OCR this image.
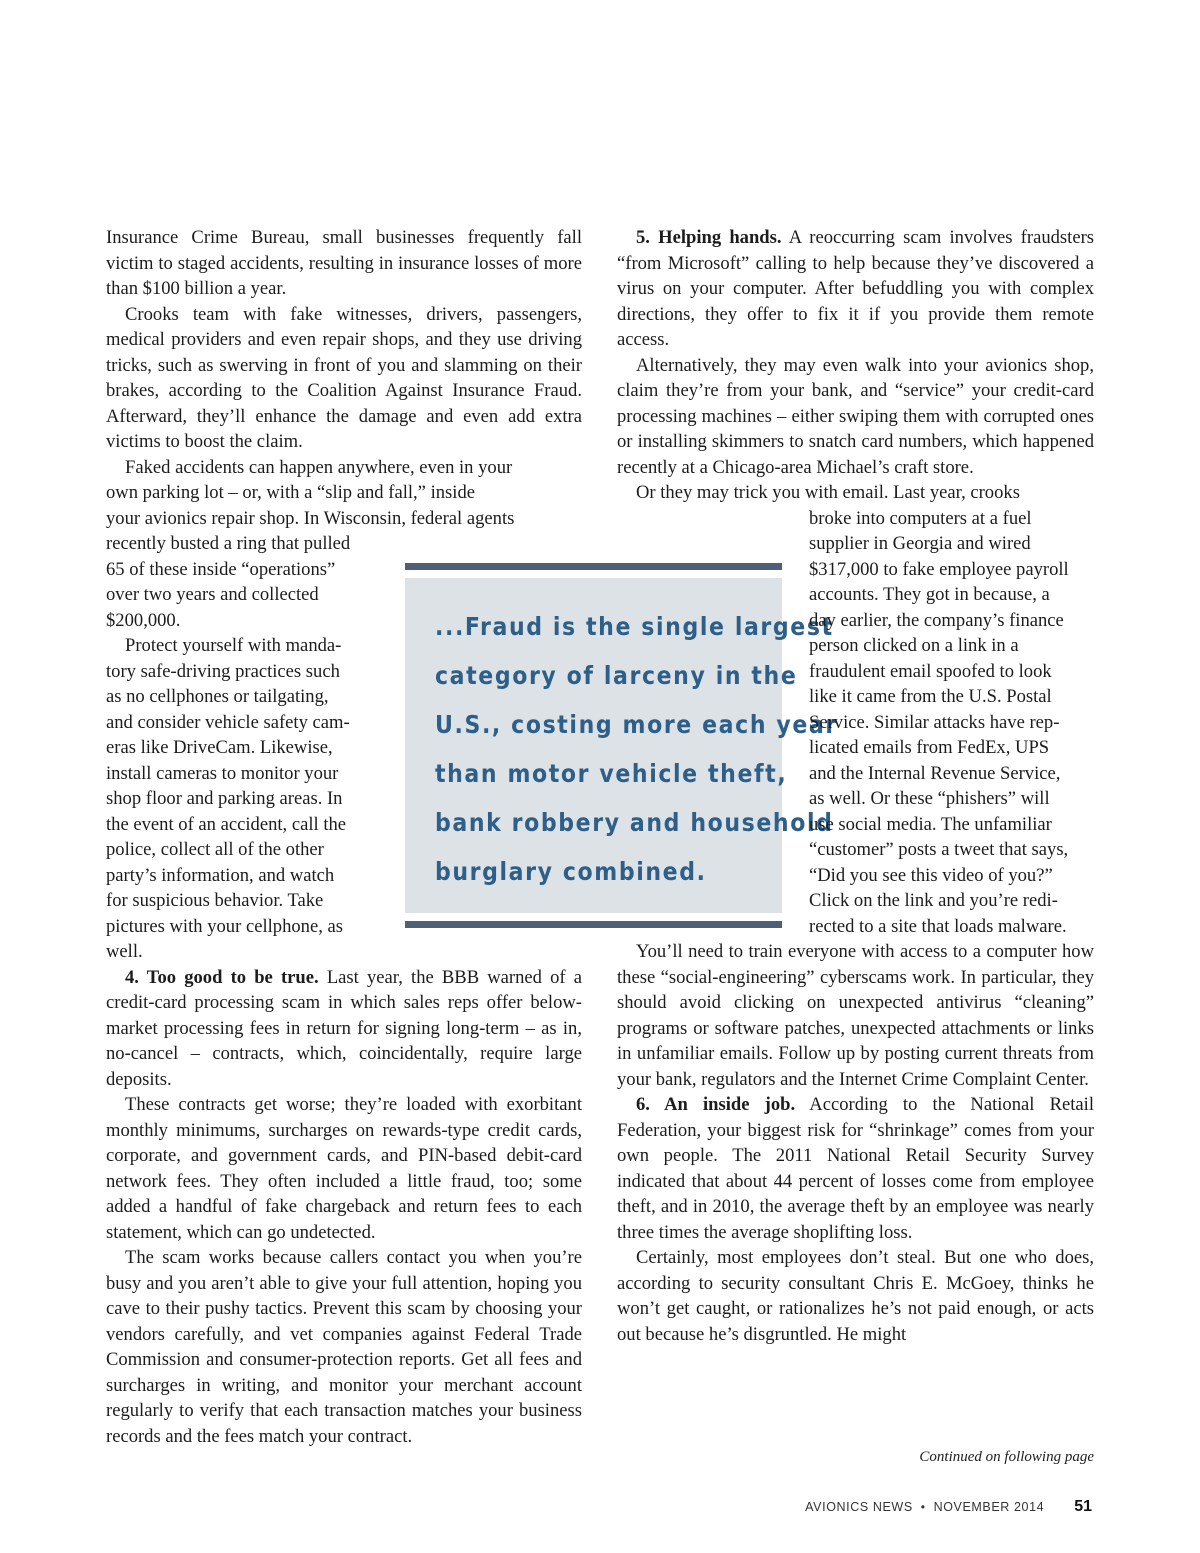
Insurance Crime Bureau, small businesses frequently fall victim to staged accidents, resulting in insurance losses of more than $100 billion a year.

Crooks team with fake witnesses, drivers, passengers, medical providers and even repair shops, and they use driving tricks, such as swerving in front of you and slamming on their brakes, according to the Coalition Against Insurance Fraud. Afterward, they’ll enhance the damage and even add extra victims to boost the claim.

Faked accidents can happen anywhere, even in your
own parking lot – or, with a “slip and fall,” inside
your avionics repair shop. In Wisconsin, federal agents
recently busted a ring that pulled
65 of these inside “operations”
over two years and collected
$200,000.

Protect yourself with manda-
tory safe-driving practices such
as no cellphones or tailgating,
and consider vehicle safety cam-
eras like DriveCam. Likewise,
install cameras to monitor your
shop floor and parking areas. In
the event of an accident, call the
police, collect all of the other
party’s information, and watch
for suspicious behavior. Take
pictures with your cellphone, as
well.

4. Too good to be true. Last year, the BBB warned of a credit-card processing scam in which sales reps offer below-market processing fees in return for signing long-term – as in, no-cancel – contracts, which, coincidentally, require large deposits.

These contracts get worse; they’re loaded with exorbitant monthly minimums, surcharges on rewards-type credit cards, corporate, and government cards, and PIN-based debit-card network fees. They often included a little fraud, too; some added a handful of fake chargeback and return fees to each statement, which can go undetected.

The scam works because callers contact you when you’re busy and you aren’t able to give your full attention, hoping you cave to their pushy tactics. Prevent this scam by choosing your vendors carefully, and vet companies against Federal Trade Commission and consumer-protection reports. Get all fees and surcharges in writing, and monitor your merchant account regularly to verify that each transaction matches your business records and the fees match your contract.

...Fraud is the single largest
category of larceny in the
U.S., costing more each year
than motor vehicle theft,
bank robbery and household
burglary combined.

5. Helping hands. A reoccurring scam involves fraudsters “from Microsoft” calling to help because they’ve discovered a virus on your computer. After befuddling you with complex directions, they offer to fix it if you provide them remote access.

Alternatively, they may even walk into your avionics shop, claim they’re from your bank, and “service” your credit-card processing machines – either swiping them with corrupted ones or installing skimmers to snatch card numbers, which happened recently at a Chicago-area Michael’s craft store.

Or they may trick you with email. Last year, crooks
broke into computers at a fuel
supplier in Georgia and wired
$317,000 to fake employee payroll
accounts. They got in because, a
day earlier, the company’s finance
person clicked on a link in a
fraudulent email spoofed to look
like it came from the U.S. Postal
Service. Similar attacks have rep-
licated emails from FedEx, UPS
and the Internal Revenue Service,
as well. Or these “phishers” will
use social media. The unfamiliar
“customer” posts a tweet that says,
“Did you see this video of you?”
Click on the link and you’re redi-
rected to a site that loads malware.

You’ll need to train everyone with access to a computer how these “social-engineering” cyberscams work. In particular, they should avoid clicking on unexpected antivirus “cleaning” programs or software patches, unexpected attachments or links in unfamiliar emails. Follow up by posting current threats from your bank, regulators and the Internet Crime Complaint Center.

6. An inside job. According to the National Retail Federation, your biggest risk for “shrinkage” comes from your own people. The 2011 National Retail Security Survey indicated that about 44 percent of losses come from employee theft, and in 2010, the average theft by an employee was nearly three times the average shoplifting loss.

Certainly, most employees don’t steal. But one who does, according to security consultant Chris E. McGoey, thinks he won’t get caught, or rationalizes he’s not paid enough, or acts out because he’s disgruntled. He might

Continued on following page
AVIONICS NEWS • NOVEMBER 2014 51
